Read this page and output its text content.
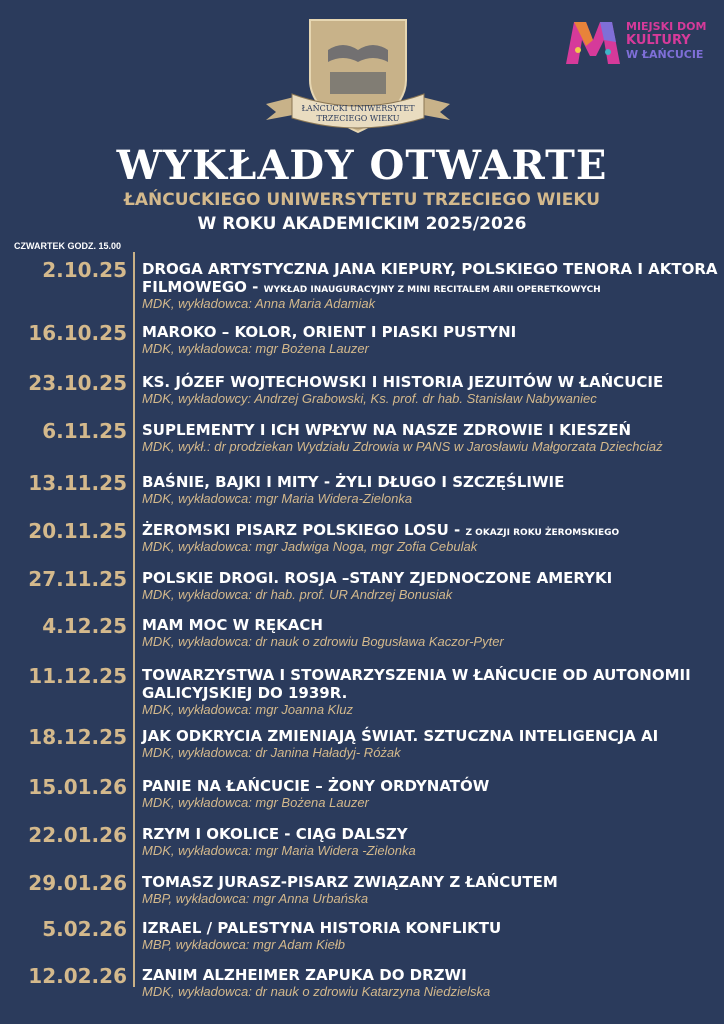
ŁAŃCUCKI UNIWERSYTET
TRZECIEGO WIEKU
MIEJSKI DOM
KULTURY
W ŁAŃCUCIE
WYKŁADY OTWARTE
ŁAŃCUCKIEGO UNIWERSYTETU TRZECIEGO WIEKU
W ROKU AKADEMICKIM 2025/2026
CZWARTEK GODZ. 15.00
2.10.25 DROGA ARTYSTYCZNA JANA KIEPURY, POLSKIEGO TENORA I AKTORA FILMOWEGO - WYKŁAD INAUGURACYJNY Z MINI RECITALEM ARII OPERETKOWYCH
MDK, wykładowca: Anna Maria Adamiak
16.10.25 MAROKO – KOLOR, ORIENT I PIASKI PUSTYNI
MDK, wykładowca: mgr Bożena Lauzer
23.10.25 KS. JÓZEF WOJTECHOWSKI I HISTORIA JEZUITÓW W ŁAŃCUCIE
MDK, wykładowcy: Andrzej Grabowski, Ks. prof. dr hab. Stanisław Nabywaniec
6.11.25 SUPLEMENTY I ICH WPŁYW NA NASZE ZDROWIE I KIESZEŃ
MDK, wykł.: dr prodziekan Wydziału Zdrowia w PANS w Jarosławiu Małgorzata Dziechciaż
13.11.25 BAŚNIE, BAJKI I MITY - ŻYLI DŁUGO I SZCZĘŚLIWIE
MDK, wykładowca: mgr Maria Widera-Zielonka
20.11.25 ŻEROMSKI PISARZ POLSKIEGO LOSU - Z OKAZJI ROKU ŻEROMSKIEGO
MDK, wykładowca: mgr Jadwiga Noga, mgr Zofia Cebulak
27.11.25 POLSKIE DROGI. ROSJA –STANY ZJEDNOCZONE AMERYKI
MDK, wykładowca: dr hab. prof. UR Andrzej Bonusiak
4.12.25 MAM MOC W RĘKACH
MDK, wykładowca: dr nauk o zdrowiu Bogusława Kaczor-Pyter
11.12.25 TOWARZYSTWA I STOWARZYSZENIA W ŁAŃCUCIE OD AUTONOMII GALICYJSKIEJ DO 1939R.
MDK, wykładowca: mgr Joanna Kluz
18.12.25 JAK ODKRYCIA ZMIENIAJĄ ŚWIAT. SZTUCZNA INTELIGENCJA AI
MDK, wykładowca: dr Janina Haładyj- Różak
15.01.26 PANIE NA ŁAŃCUCIE – ŻONY ORDYNATÓW
MDK, wykładowca: mgr Bożena Lauzer
22.01.26 RZYM I OKOLICE - CIĄG DALSZY
MDK, wykładowca: mgr Maria Widera -Zielonka
29.01.26 TOMASZ JURASZ-PISARZ ZWIĄZANY Z ŁAŃCUTEM
MBP, wykładowca: mgr Anna Urbańska
5.02.26 IZRAEL / PALESTYNA HISTORIA KONFLIKTU
MBP, wykładowca: mgr Adam Kiełb
12.02.26 ZANIM ALZHEIMER ZAPUKA DO DRZWI
MDK, wykładowca: dr nauk o zdrowiu Katarzyna Niedzielska
